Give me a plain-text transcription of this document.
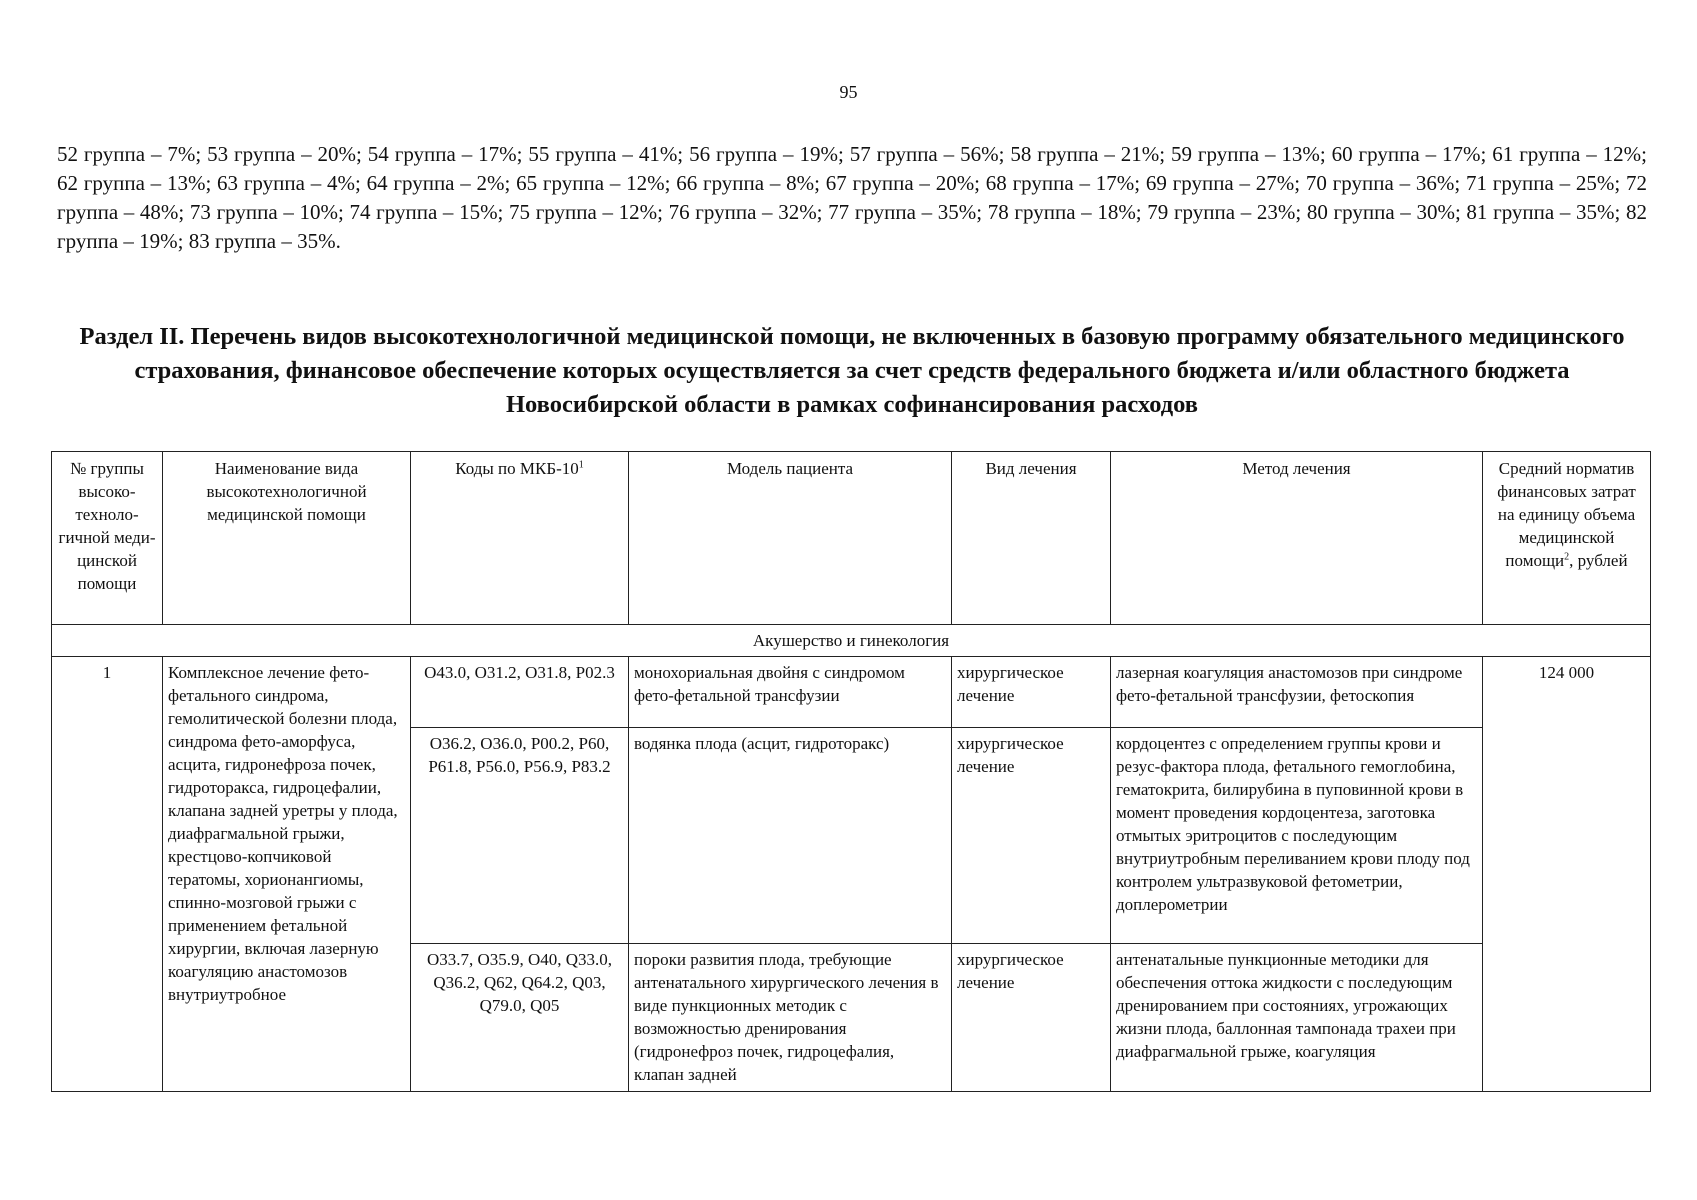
95
52 группа – 7%; 53 группа – 20%; 54 группа – 17%; 55 группа – 41%; 56 группа – 19%; 57 группа – 56%; 58 группа – 21%; 59 группа – 13%; 60 группа – 17%; 61 группа – 12%; 62 группа – 13%; 63 группа – 4%; 64 группа – 2%; 65 группа – 12%; 66 группа – 8%; 67 группа – 20%; 68 группа – 17%; 69 группа – 27%; 70 группа – 36%; 71 группа – 25%; 72 группа – 48%; 73 группа – 10%; 74 группа – 15%; 75 группа – 12%; 76 группа – 32%; 77 группа – 35%; 78 группа – 18%; 79 группа – 23%; 80 группа – 30%; 81 группа – 35%; 82 группа – 19%; 83 группа – 35%.
Раздел II. Перечень видов высокотехнологичной медицинской помощи, не включенных в базовую программу обязательного медицинского страхования, финансовое обеспечение которых осуществляется за счет средств федерального бюджета и/или областного бюджета Новосибирской области в рамках софинансирования расходов
№ группы высоко-техноло-гичной меди-цинской помощи	Наименование вида высокотехнологичной медицинской помощи	Коды по МКБ-$10^1$	Модель пациента	Вид лечения	Метод лечения	Средний норматив финансовых затрат на единицу объема медицинской помощи$^2$, рублей
Акушерство и гинекология						
1	Комплексное лечение фето-фетального синдрома, гемолитической болезни плода, синдрома фето-аморфуса, асцита, гидронефроза почек, гидроторакса, гидроцефалии, клапана задней уретры у плода, диафрагмальной грыжи, крестцово-копчиковой тератомы, хорионангиомы, спинно-мозговой грыжи с применением фетальной хирургии, включая лазерную коагуляцию анастомозов внутриутробное	O43.0, O31.2, O31.8, P02.3	монохориальная двойня с синдромом фето-фетальной трансфузии	хирургическое лечение	лазерная коагуляция анастомозов при синдроме фето-фетальной трансфузии, фетоскопия	124 000
		O36.2, O36.0, P00.2, P60, P61.8, P56.0, P56.9, P83.2	водянка плода (асцит, гидроторакс)	хирургическое лечение	кордоцентез с определением группы крови и резус-фактора плода, фетального гемоглобина, гематокрита, билирубина в пуповинной крови в момент проведения кордоцентеза, заготовка отмытых эритроцитов с последующим внутриутробным переливанием крови плоду под контролем ультразвуковой фетометрии, доплерометрии	
		O33.7, O35.9, O40, Q33.0, Q36.2, Q62, Q64.2, Q03, Q79.0, Q05	пороки развития плода, требующие антенатального хирургического лечения в виде пункционных методик с возможностью дренирования (гидронефроз почек, гидроцефалия, клапан задней	хирургическое лечение	антенатальные пункционные методики для обеспечения оттока жидкости с последующим дренированием при состояниях, угрожающих жизни плода, баллонная тампонада трахеи при диафрагмальной грыже, коагуляция	
